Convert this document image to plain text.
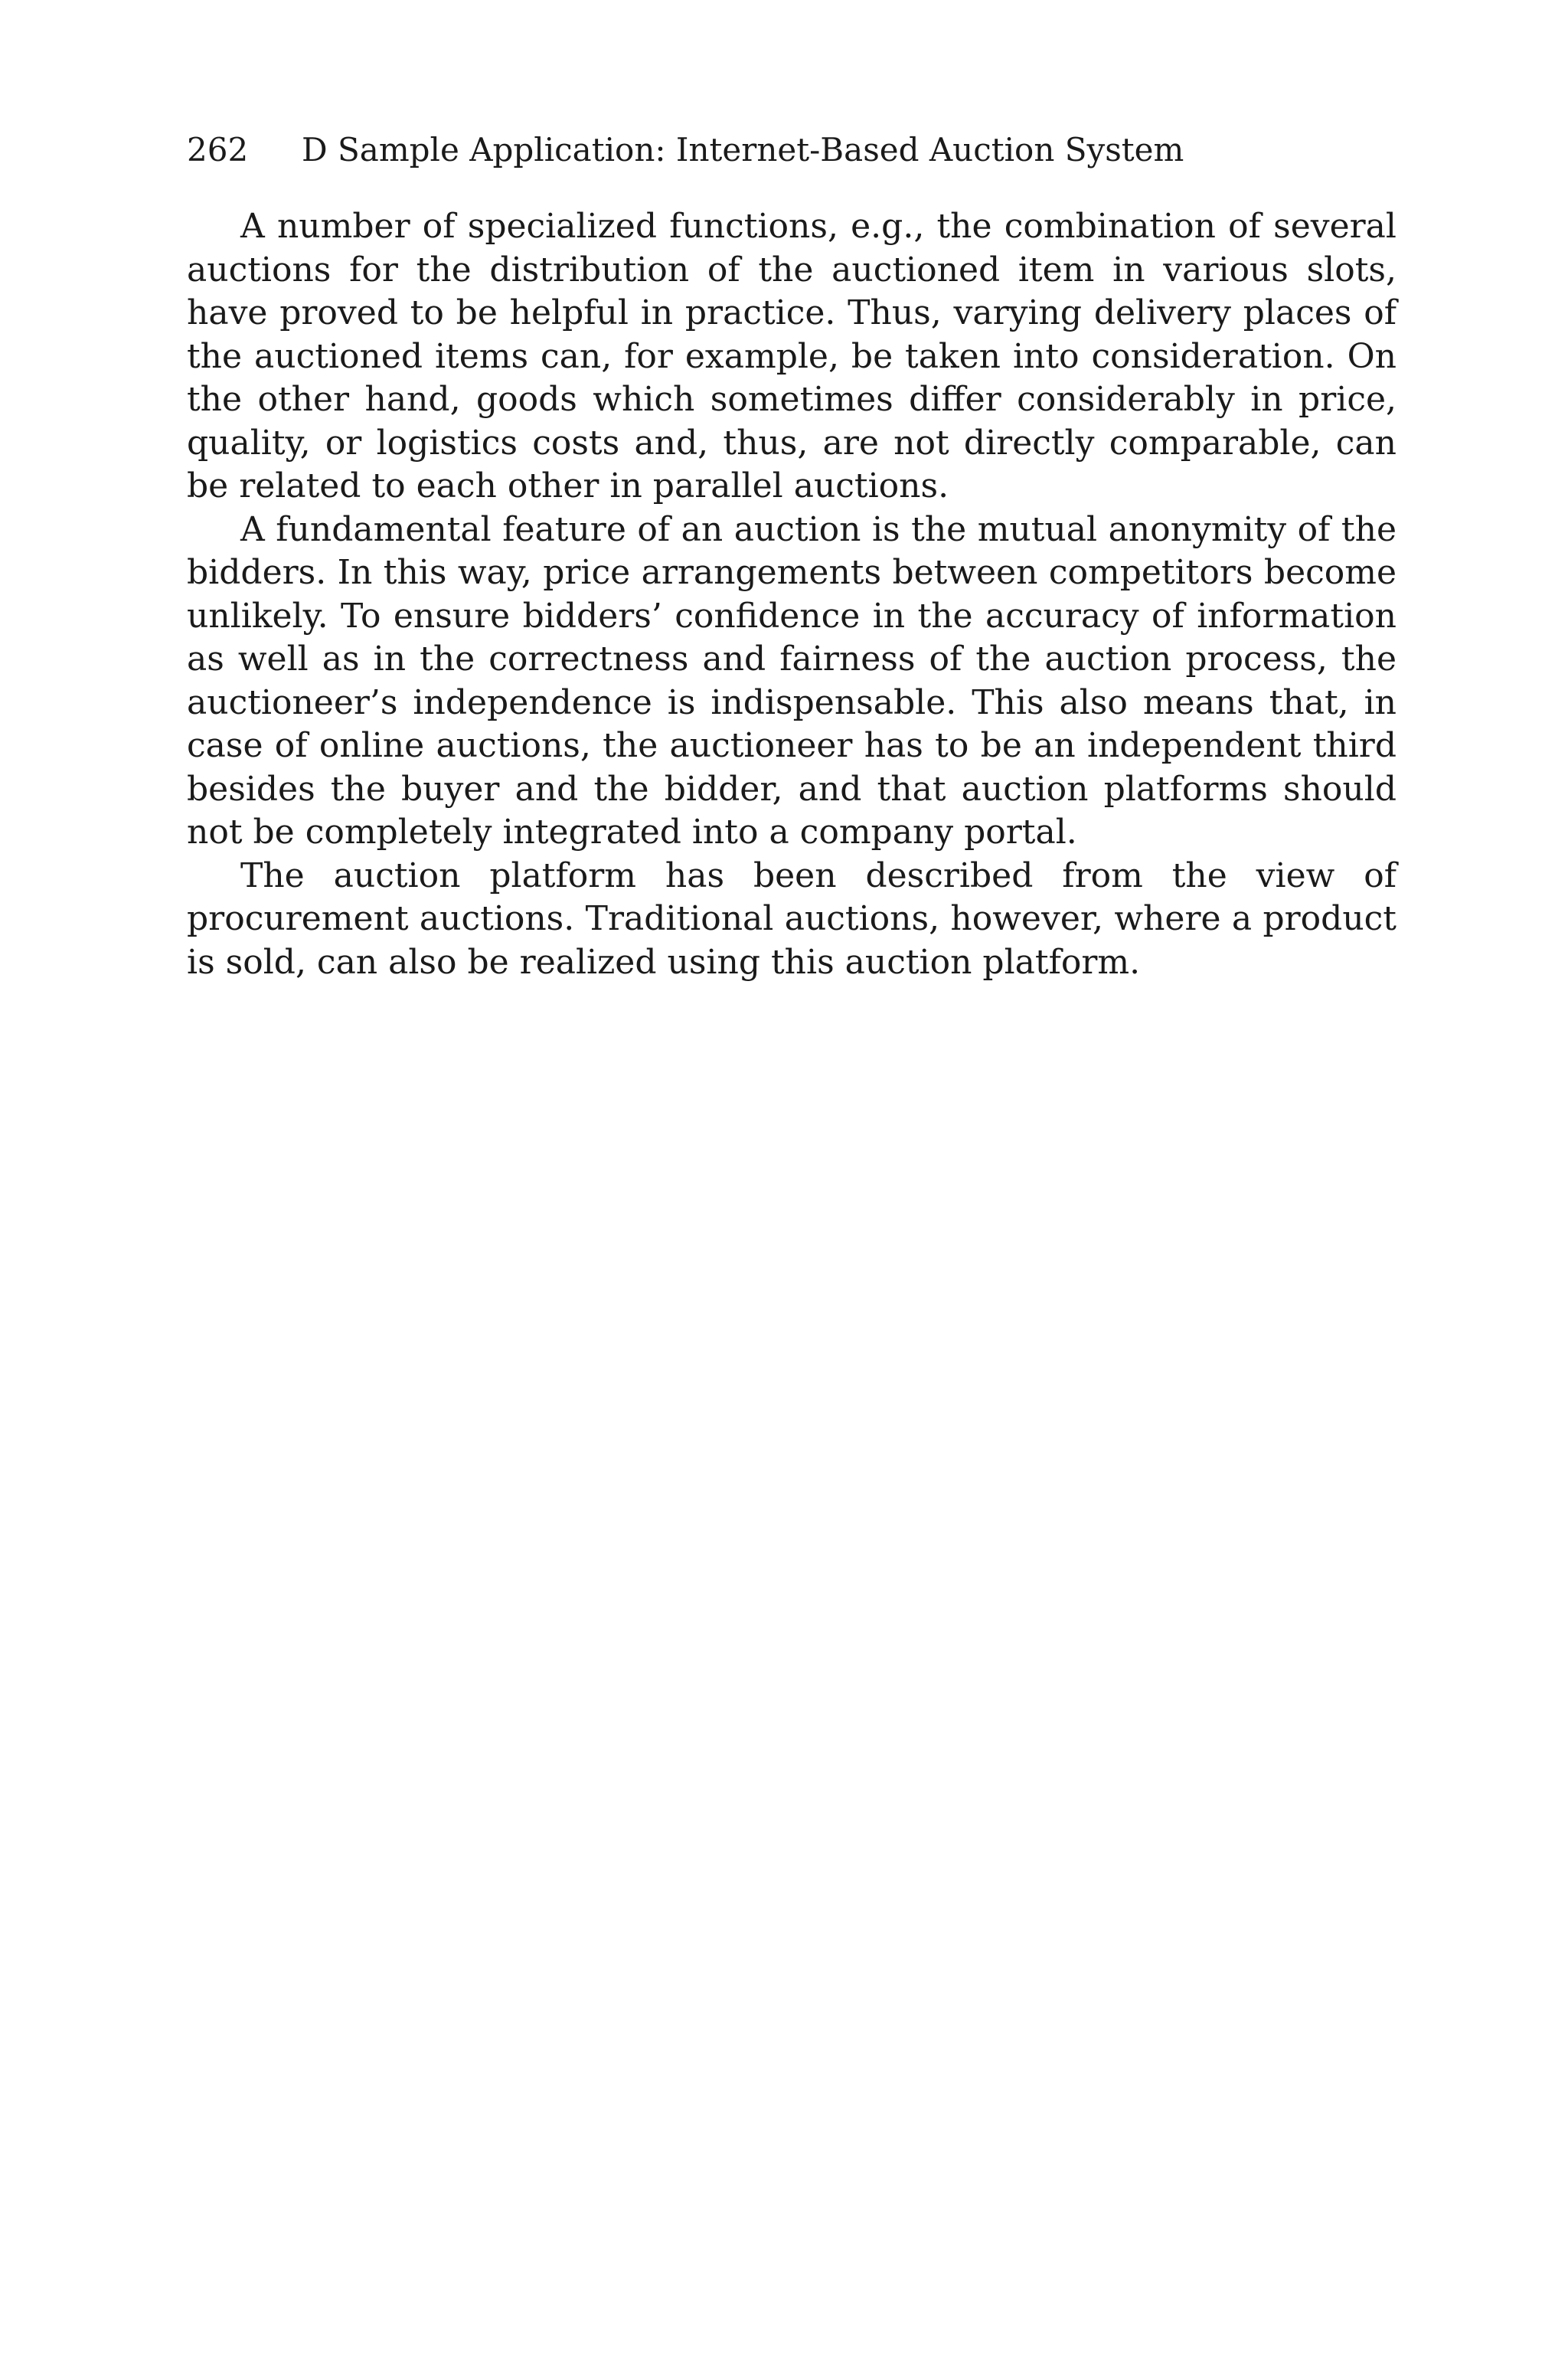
262 D Sample Application: Internet-Based Auction System

A number of specialized functions, e.g., the combination of several auctions for the distribution of the auctioned item in various slots, have proved to be helpful in practice. Thus, varying delivery places of the auctioned items can, for example, be taken into consideration. On the other hand, goods which sometimes differ considerably in price, quality, or logistics costs and, thus, are not directly comparable, can be related to each other in parallel auctions.

A fundamental feature of an auction is the mutual anonymity of the bidders. In this way, price arrangements between competitors become unlikely. To ensure bidders’ confidence in the accuracy of information as well as in the correctness and fairness of the auction process, the auctioneer’s independence is indispensable. This also means that, in case of online auctions, the auctioneer has to be an independent third besides the buyer and the bidder, and that auction platforms should not be completely integrated into a company portal.

The auction platform has been described from the view of procurement auctions. Traditional auctions, however, where a product is sold, can also be realized using this auction platform.
